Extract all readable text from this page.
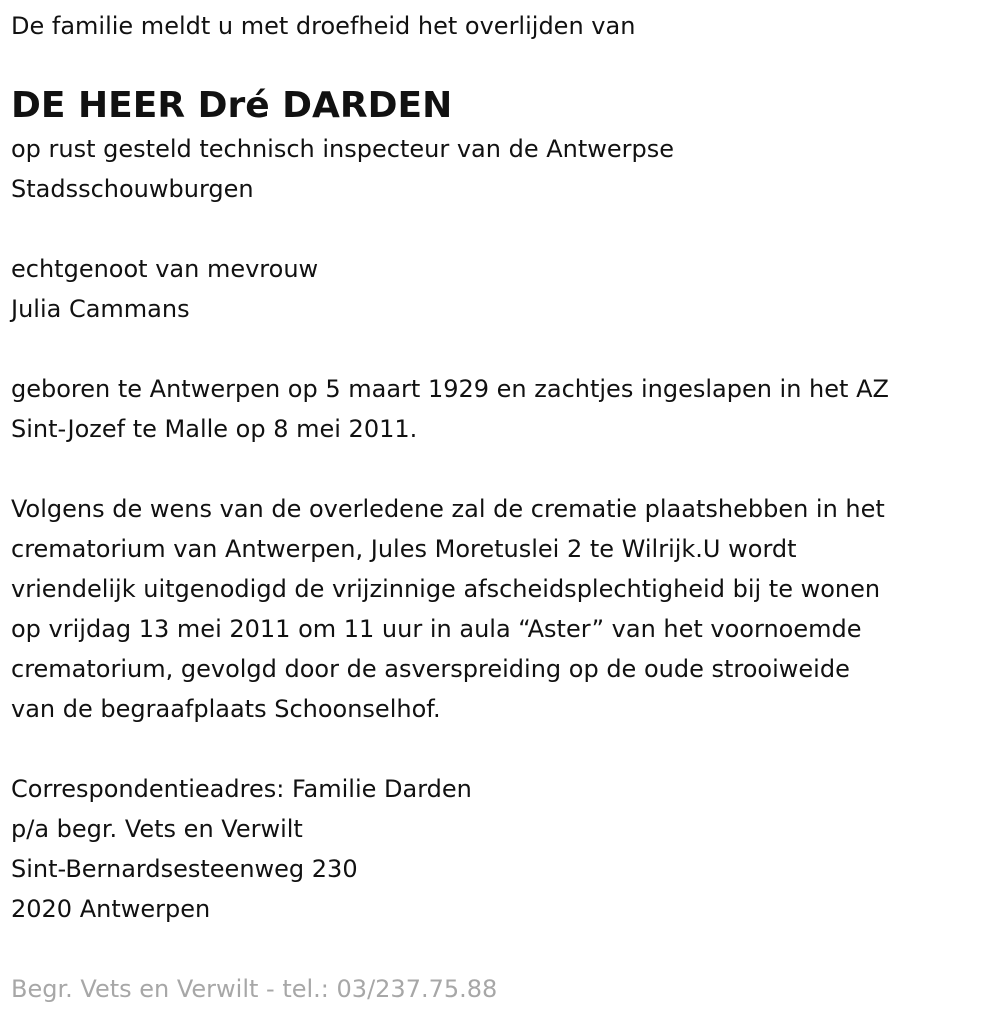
De familie meldt u met droefheid het overlijden van

DE HEER Dré DARDEN

op rust gesteld technisch inspecteur van de Antwerpse

Stadsschouwburgen

echtgenoot van mevrouw

Julia Cammans

geboren te Antwerpen op 5 maart 1929 en zachtjes ingeslapen in het AZ

Sint-Jozef te Malle op 8 mei 2011.

Volgens de wens van de overledene zal de crematie plaatshebben in het

crematorium van Antwerpen, Jules Moretuslei 2 te Wilrijk.U wordt

vriendelijk uitgenodigd de vrijzinnige afscheidsplechtigheid bij te wonen

op vrijdag 13 mei 2011 om 11 uur in aula “Aster” van het voornoemde

crematorium, gevolgd door de asverspreiding op de oude strooiweide

van de begraafplaats Schoonselhof.

Correspondentieadres: Familie Darden

p/a begr. Vets en Verwilt

Sint-Bernardsesteenweg 230

2020 Antwerpen

Begr. Vets en Verwilt - tel.: 03/237.75.88
